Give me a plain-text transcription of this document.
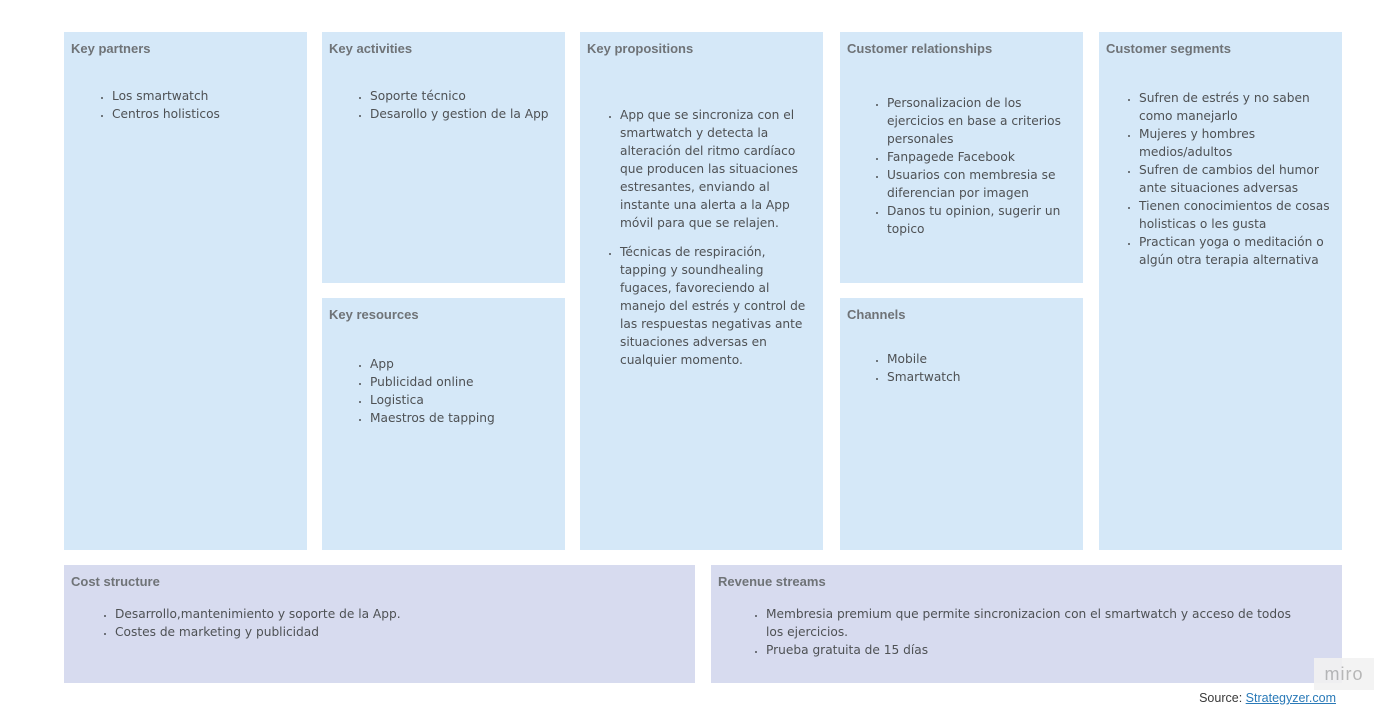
Key partners
• Los smartwatch
• Centros holisticos
Key activities
• Soporte técnico
• Desarollo y gestion de la App
Key resources
• App
• Publicidad online
• Logistica
• Maestros de tapping
Key propositions
• App que se sincroniza con el smartwatch y detecta la alteración del ritmo cardíaco que producen las situaciones estresantes, enviando al instante una alerta a la App móvil para que se relajen.
• Técnicas de respiración, tapping y soundhealing fugaces, favoreciendo al manejo del estrés y control de las respuestas negativas ante situaciones adversas en cualquier momento.
Customer relationships
• Personalizacion de los ejercicios en base a criterios personales
• Fanpagede Facebook
• Usuarios con membresia se diferencian por imagen
• Danos tu opinion, sugerir un topico
Channels
• Mobile
• Smartwatch
Customer segments
• Sufren de estrés y no saben como manejarlo
• Mujeres y hombres medios/adultos
• Sufren de cambios del humor ante situaciones adversas
• Tienen conocimientos de cosas holisticas o les gusta
• Practican yoga o meditación o algún otra terapia alternativa
Cost structure
• Desarrollo,mantenimiento y soporte de la App.
• Costes de marketing y publicidad
Revenue streams
• Membresia premium que permite sincronizacion con el smartwatch y acceso de todos los ejercicios.
• Prueba gratuita de 15 días
miro
Source: Strategyzer.com
